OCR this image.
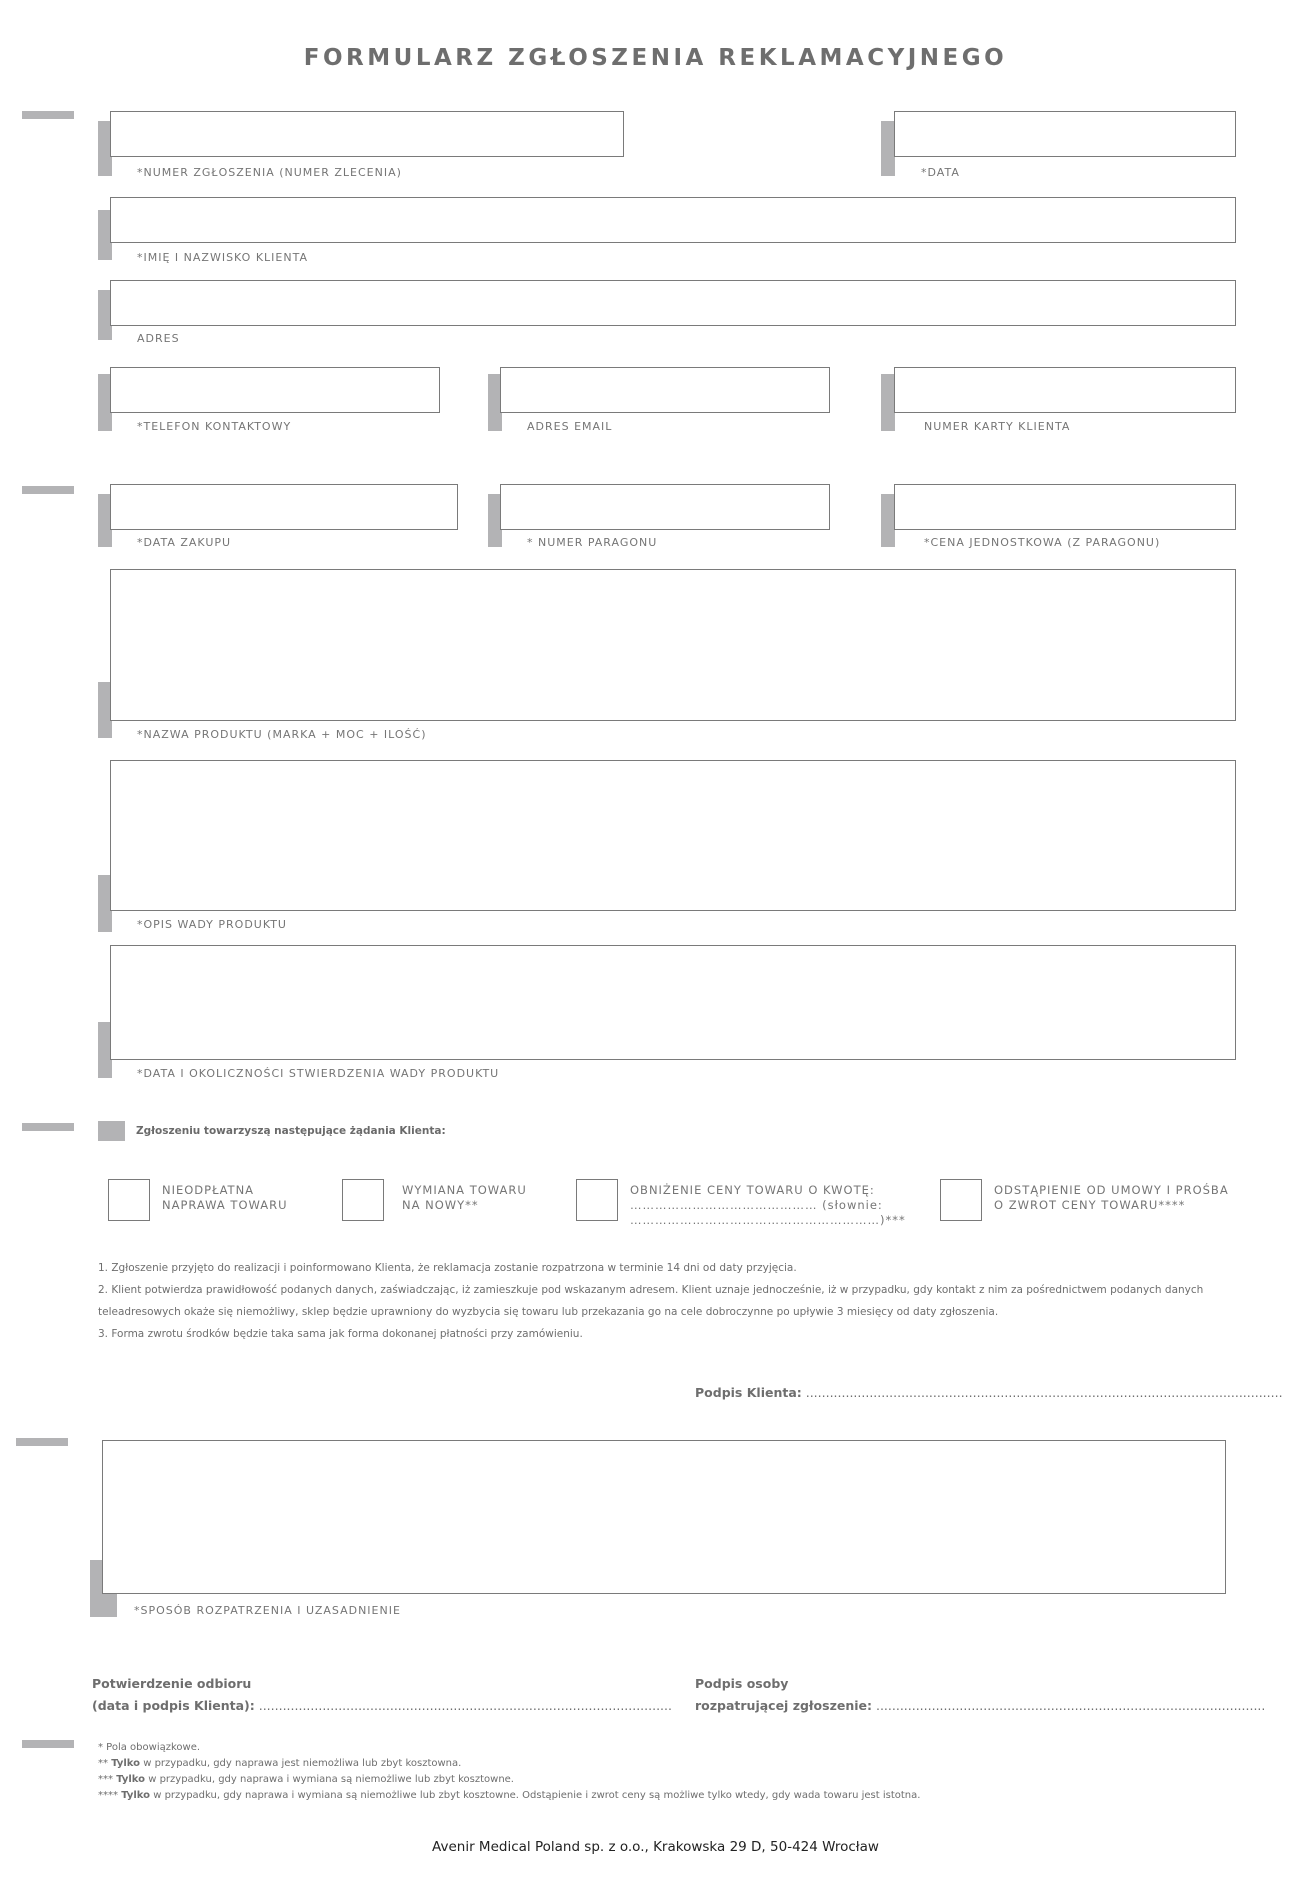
FORMULARZ ZGŁOSZENIA REKLAMACYJNEGO
*NUMER ZGŁOSZENIA (NUMER ZLECENIA)	*DATA
*IMIĘ I NAZWISKO KLIENTA
ADRES
*TELEFON KONTAKTOWY	ADRES EMAIL	NUMER KARTY KLIENTA
*DATA ZAKUPU	* NUMER PARAGONU	*CENA JEDNOSTKOWA (Z PARAGONU)
*NAZWA PRODUKTU (MARKA + MOC + ILOŚĆ)
*OPIS WADY PRODUKTU
*DATA I OKOLICZNOŚCI STWIERDZENIA WADY PRODUKTU
Zgłoszeniu towarzyszą następujące żądania Klienta:
NIEODPŁATNA
NAPRAWA TOWARU
WYMIANA TOWARU
NA NOWY**
OBNIŻENIE CENY TOWARU O KWOTĘ:
……………………………………… (słownie:
……………………………………………………)***
ODSTĄPIENIE OD UMOWY I PROŚBA
O ZWROT CENY TOWARU****
1. Zgłoszenie przyjęto do realizacji i poinformowano Klienta, że reklamacja zostanie rozpatrzona w terminie 14 dni od daty przyjęcia.
2. Klient potwierdza prawidłowość podanych danych, zaświadczając, iż zamieszkuje pod wskazanym adresem. Klient uznaje jednocześnie, iż w przypadku, gdy kontakt z nim za pośrednictwem podanych danych
teleadresowych okaże się niemożliwy, sklep będzie uprawniony do wyzbycia się towaru lub przekazania go na cele dobroczynne po upływie 3 miesięcy od daty zgłoszenia.
3. Forma zwrotu środków będzie taka sama jak forma dokonanej płatności przy zamówieniu.
Podpis Klienta: ........................................................................................................................
*SPOSÓB ROZPATRZENIA I UZASADNIENIE
Potwierdzenie odbioru
(data i podpis Klienta): ........................................................................................................
Podpis osoby
rozpatrującej zgłoszenie: ..................................................................................................
* Pola obowiązkowe.
** Tylko w przypadku, gdy naprawa jest niemożliwa lub zbyt kosztowna.
*** Tylko w przypadku, gdy naprawa i wymiana są niemożliwe lub zbyt kosztowne.
**** Tylko w przypadku, gdy naprawa i wymiana są niemożliwe lub zbyt kosztowne. Odstąpienie i zwrot ceny są możliwe tylko wtedy, gdy wada towaru jest istotna.
Avenir Medical Poland sp. z o.o., Krakowska 29 D, 50-424 Wrocław
